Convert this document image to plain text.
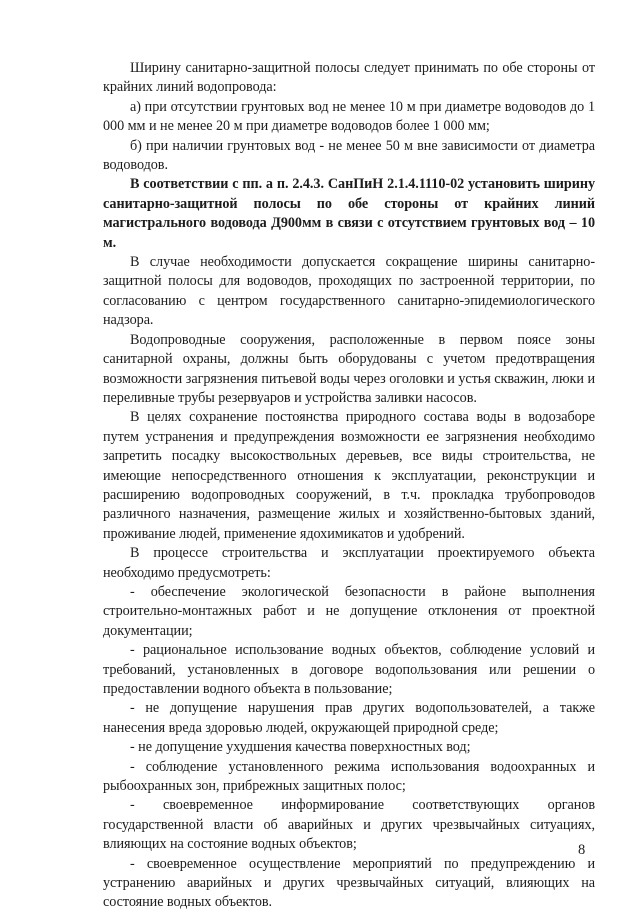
Ширину санитарно-защитной полосы следует принимать по обе стороны от крайних линий водопровода:

а) при отсутствии грунтовых вод не менее 10 м при диаметре водоводов до 1 000 мм и не менее 20 м при диаметре водоводов более 1 000 мм;

б) при наличии грунтовых вод - не менее 50 м вне зависимости от диаметра водоводов.

В соответствии с пп. а п. 2.4.3. СанПиН 2.1.4.1110-02 установить ширину санитарно-защитной полосы по обе стороны от крайних линий магистрального водовода Д900мм в связи с отсутствием грунтовых вод – 10 м.

В случае необходимости допускается сокращение ширины санитарно-защитной полосы для водоводов, проходящих по застроенной территории, по согласованию с центром государственного санитарно-эпидемиологического надзора.

Водопроводные сооружения, расположенные в первом поясе зоны санитарной охраны, должны быть оборудованы с учетом предотвращения возможности загрязнения питьевой воды через оголовки и устья скважин, люки и переливные трубы резервуаров и устройства заливки насосов.

В целях сохранение постоянства природного состава воды в водозаборе путем устранения и предупреждения возможности ее загрязнения необходимо запретить посадку высокоствольных деревьев, все виды строительства, не имеющие непосредственного отношения к эксплуатации, реконструкции и расширению водопроводных сооружений, в т.ч. прокладка трубопроводов различного назначения, размещение жилых и хозяйственно-бытовых зданий, проживание людей, применение ядохимикатов и удобрений.

В процессе строительства и эксплуатации проектируемого объекта необходимо предусмотреть:

- обеспечение экологической безопасности в районе выполнения строительно-монтажных работ и не допущение отклонения от проектной документации;

- рациональное использование водных объектов, соблюдение условий и требований, установленных в договоре водопользования или решении о предоставлении водного объекта в пользование;

- не допущение нарушения прав других водопользователей, а также нанесения вреда здоровью людей, окружающей природной среде;

- не допущение ухудшения качества поверхностных вод;

- соблюдение установленного режима использования водоохранных и рыбоохранных зон, прибрежных защитных полос;

- своевременное информирование соответствующих органов государственной власти об аварийных и других чрезвычайных ситуациях, влияющих на состояние водных объектов;

- своевременное осуществление мероприятий по предупреждению и устранению аварийных и других чрезвычайных ситуаций, влияющих на состояние водных объектов.

8
